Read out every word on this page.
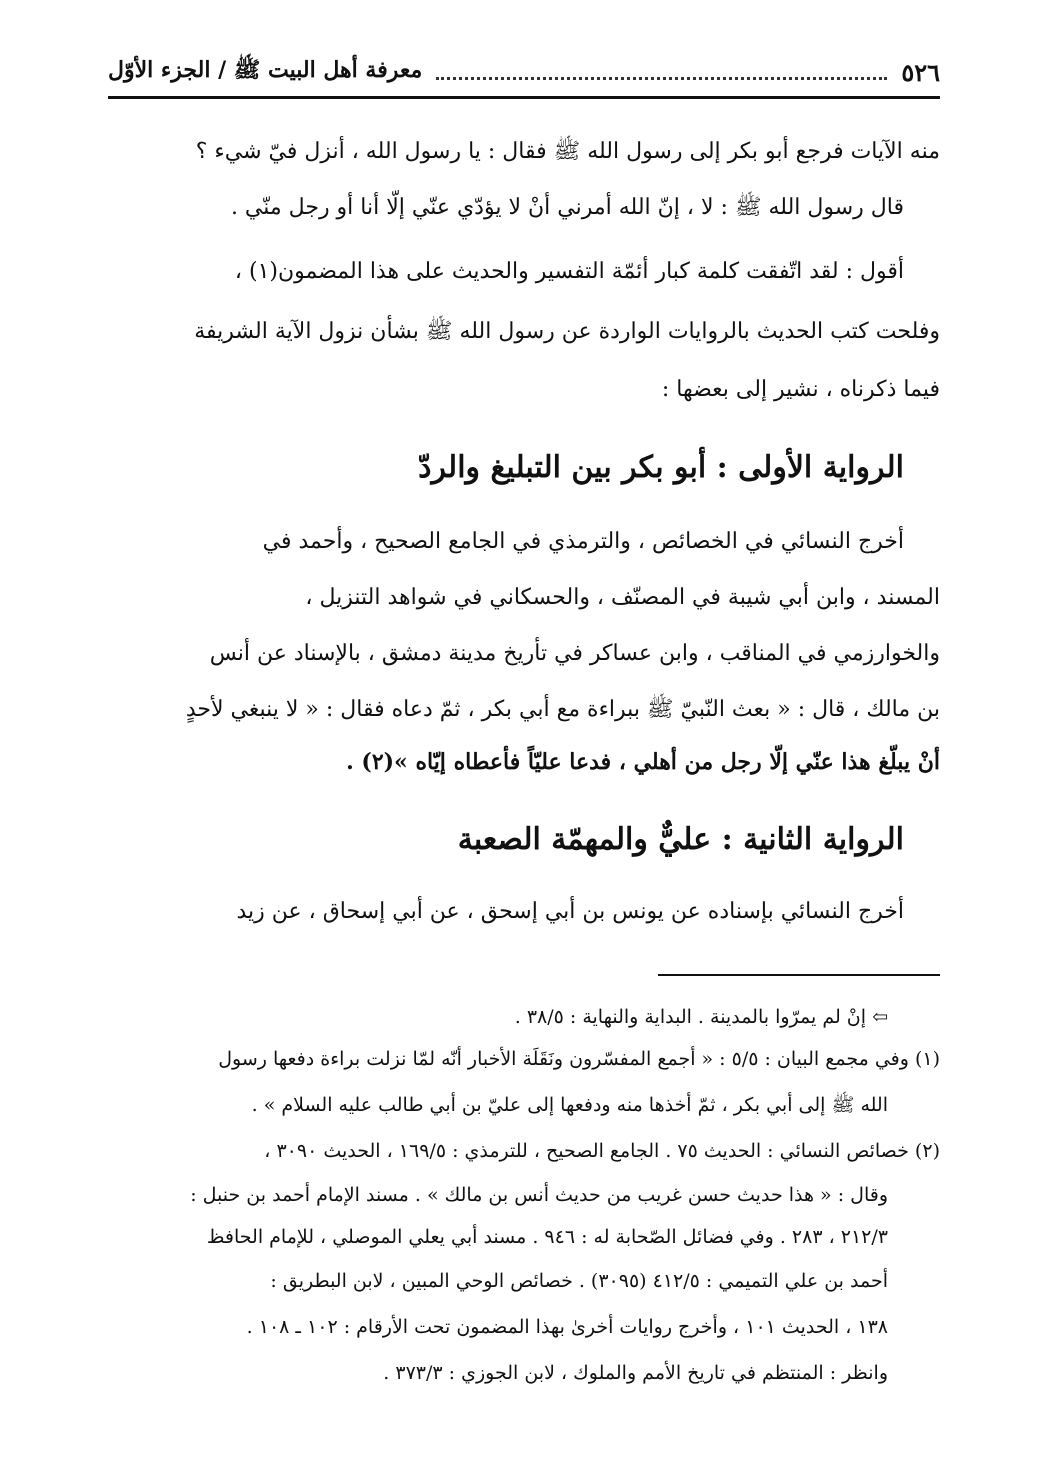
٥٢٦
معرفة أهل البيت ﷺ / الجزء الأوّل
منه الآيات فرجع أبو بكر إلى رسول الله ﷺ فقال : يا رسول الله ، أنزل فيّ شيء ؟
قال رسول الله ﷺ : لا ، إنّ الله أمرني أنْ لا يؤدّي عنّي إلّا أنا أو رجل منّي .
أقول : لقد اتّفقت كلمة كبار أئمّة التفسير والحديث على هذا المضمون(١) ،
وفلحت كتب الحديث بالروايات الواردة عن رسول الله ﷺ بشأن نزول الآية الشريفة
فيما ذكرناه ، نشير إلى بعضها :
الرواية الأولى : أبو بكر بين التبليغ والردّ
أخرج النسائي في الخصائص ، والترمذي في الجامع الصحيح ، وأحمد في
المسند ، وابن أبي شيبة في المصنّف ، والحسكاني في شواهد التنزيل ،
والخوارزمي في المناقب ، وابن عساكر في تأريخ مدينة دمشق ، بالإسناد عن أنس
بن مالك ، قال : « بعث النّبيّ ﷺ ببراءة مع أبي بكر ، ثمّ دعاه فقال : « لا ينبغي لأحدٍ
أنْ يبلّغ هذا عنّي إلّا رجل من أهلي ، فدعا عليّاً فأعطاه إيّاه »(٢) .
الرواية الثانية : عليٌّ والمهمّة الصعبة
أخرج النسائي بإسناده عن يونس بن أبي إسحق ، عن أبي إسحاق ، عن زيد
⇦ إنْ لم يمرّوا بالمدينة . البداية والنهاية : ٣٨/٥ .
(١) وفي مجمع البيان : ٥/٥ : « أجمع المفسّرون ونَقَلَة الأخبار أنّه لمّا نزلت براءة دفعها رسول
الله ﷺ إلى أبي بكر ، ثمّ أخذها منه ودفعها إلى عليّ بن أبي طالب عليه السلام » .
(٢) خصائص النسائي : الحديث ٧٥ . الجامع الصحيح ، للترمذي : ١٦٩/٥ ، الحديث ٣٠٩٠ ،
وقال : « هذا حديث حسن غريب من حديث أنس بن مالك » . مسند الإمام أحمد بن حنبل :
٢١٢/٣ ، ٢٨٣ . وفي فضائل الصّحابة له : ٩٤٦ . مسند أبي يعلي الموصلي ، للإمام الحافظ
أحمد بن علي التميمي : ٤١٢/٥ (٣٠٩٥) . خصائص الوحي المبين ، لابن البطريق :
١٣٨ ، الحديث ١٠١ ، وأخرج روايات أخرىٰ بهذا المضمون تحت الأرقام : ١٠٢ ـ ١٠٨ .
وانظر : المنتظم في تاريخ الأمم والملوك ، لابن الجوزي : ٣٧٣/٣ .
